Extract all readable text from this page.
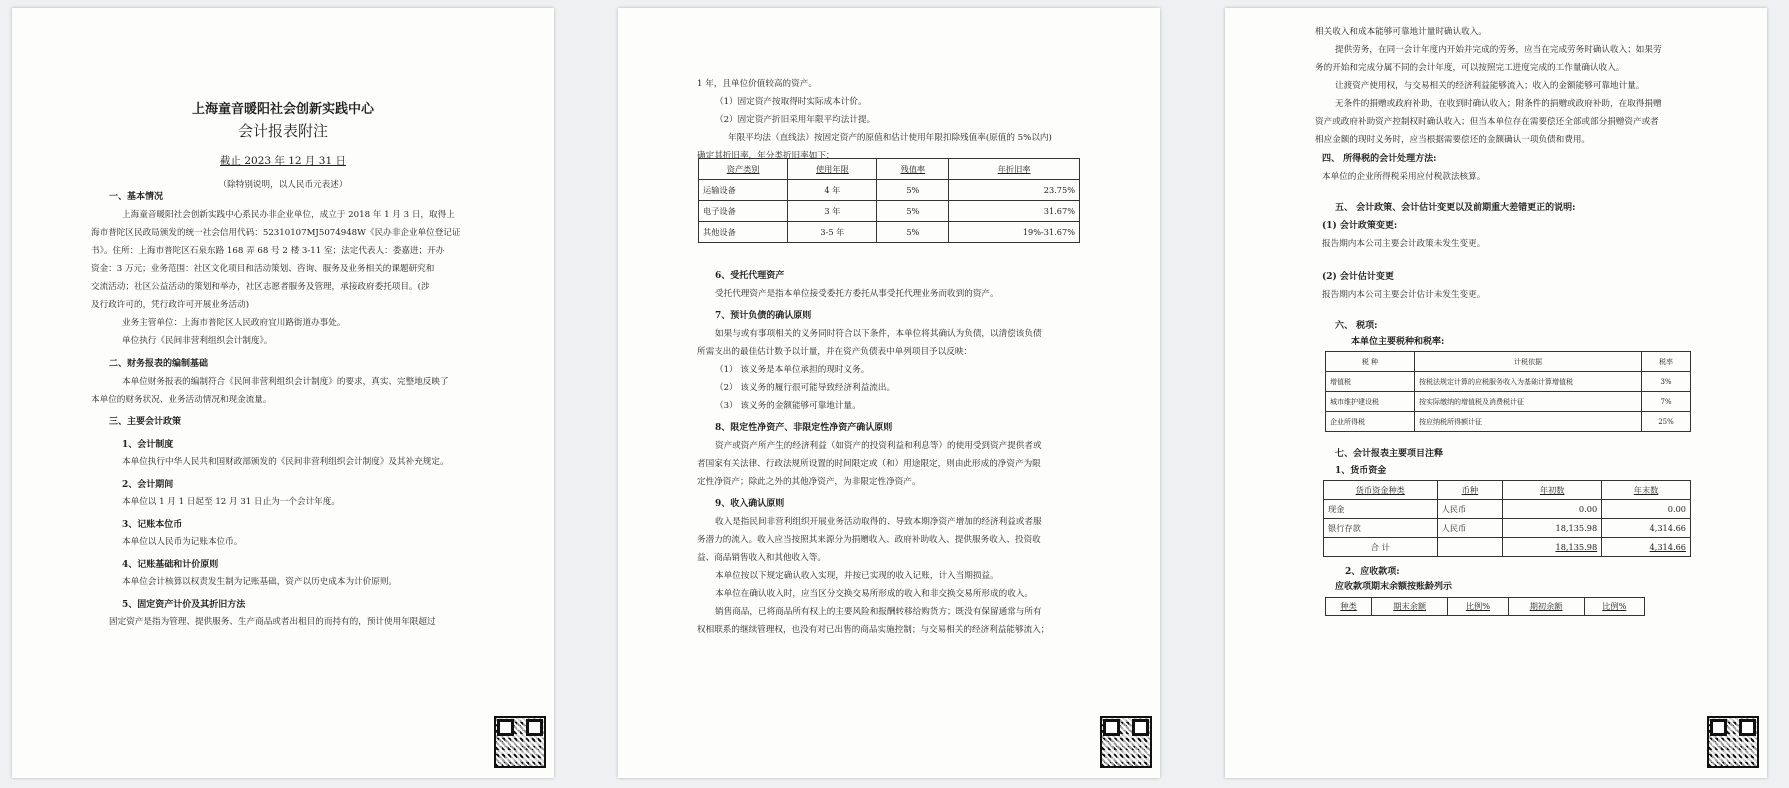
上海童音暖阳社会创新实践中心
会计报表附注
截止 2023 年 12 月 31 日
（除特别说明，以人民币元表述）
一、基本情况
上海童音暖阳社会创新实践中心系民办非企业单位，成立于 2018 年 1 月 3 日，取得上
海市普陀区民政局颁发的统一社会信用代码：52310107MJ5074948W《民办非企业单位登记证
书》。住所：上海市普陀区石泉东路 168 弄 68 号 2 楼 3-11 室；法定代表人：娄嘉进；开办
资金：3 万元；业务范围：社区文化项目和活动策划、咨询、服务及业务相关的课题研究和
交流活动；社区公益活动的策划和举办，社区志愿者服务及管理，承接政府委托项目。(涉
及行政许可的，凭行政许可开展业务活动)
业务主管单位：上海市普陀区人民政府宜川路街道办事处。
单位执行《民间非营利组织会计制度》。
二、财务报表的编制基础
本单位财务报表的编制符合《民间非营利组织会计制度》的要求，真实、完整地反映了
本单位的财务状况、业务活动情况和现金流量。
三、主要会计政策
1、会计制度
本单位执行中华人民共和国财政部颁发的《民间非营利组织会计制度》及其补充规定。
2、会计期间
本单位以 1 月 1 日起至 12 月 31 日止为一个会计年度。
3、记账本位币
本单位以人民币为记账本位币。
4、记账基础和计价原则
本单位会计核算以权责发生制为记账基础，资产以历史成本为计价原则。
5、固定资产计价及其折旧方法
固定资产是指为管理、提供服务、生产商品或者出租目的而持有的，预计使用年限超过
1 年，且单位价值较高的资产。
（1）固定资产按取得时实际成本计价。
（2）固定资产折旧采用年限平均法计提。
年限平均法（直线法）按固定资产的原值和估计使用年限扣除残值率(原值的 5%以内)
确定其折旧率，年分类折旧率如下：
资产类别	使用年限	残值率	年折旧率
运输设备	4 年	5%	23.75%
电子设备	3 年	5%	31.67%
其他设备	3-5 年	5%	19%-31.67%
6、受托代理资产
受托代理资产是指本单位接受委托方委托从事受托代理业务而收到的资产。
7、预计负债的确认原则
如果与或有事项相关的义务同时符合以下条件，本单位将其确认为负债，以清偿该负债
所需支出的最佳估计数予以计量，并在资产负债表中单列项目予以反映：
（1） 该义务是本单位承担的现时义务。
（2） 该义务的履行很可能导致经济利益流出。
（3） 该义务的金额能够可靠地计量。
8、限定性净资产、非限定性净资产确认原则
资产或资产所产生的经济利益（如资产的投资利益和利息等）的使用受到资产提供者或
者国家有关法律、行政法规所设置的时间限定或（和）用途限定，则由此形成的净资产为限
定性净资产；除此之外的其他净资产，为非限定性净资产。
9、收入确认原则
收入是指民间非营利组织开展业务活动取得的、导致本期净资产增加的经济利益或者服
务潜力的流入。收入应当按照其来源分为捐赠收入、政府补助收入、提供服务收入、投资收
益、商品销售收入和其他收入等。
本单位按以下规定确认收入实现，并按已实现的收入记账，计入当期损益。
本单位在确认收入时，应当区分交换交易所形成的收入和非交换交易所形成的收入。
销售商品，已将商品所有权上的主要风险和报酬转移给购货方；既没有保留通常与所有
权相联系的继续管理权，也没有对已出售的商品实施控制；与交易相关的经济利益能够流入；
相关收入和成本能够可靠地计量时确认收入。
提供劳务，在同一会计年度内开始并完成的劳务，应当在完成劳务时确认收入；如果劳
务的开始和完成分属不同的会计年度，可以按照完工进度完成的工作量确认收入。
让渡资产使用权，与交易相关的经济利益能够流入；收入的金额能够可靠地计量。
无条件的捐赠或政府补助，在收到时确认收入；附条件的捐赠或政府补助，在取得捐赠
资产或政府补助资产控制权时确认收入；但当本单位存在需要偿还全部或部分捐赠资产或者
相应金额的现时义务时，应当根据需要偿还的金额确认一项负债和费用。
四、 所得税的会计处理方法:
本单位的企业所得税采用应付税款法核算。
五、 会计政策、会计估计变更以及前期重大差错更正的说明:
(1) 会计政策变更:
报告期内本公司主要会计政策未发生变更。
(2) 会计估计变更
报告期内本公司主要会计估计未发生变更。
六、 税项:
本单位主要税种和税率:
税 种	计税依据	税率
增值税	按税法规定计算的应税服务收入为基础计算增值税	3%
城市维护建设税	按实际缴纳的增值税及消费税计征	7%
企业所得税	按应纳税所得额计征	25%
七、会计报表主要项目注释
1、货币资金
货币资金种类	币种	年初数	年末数
现金	人民币	0.00	0.00
银行存款	人民币	18,135.98	4,314.66
合 计		18,135.98	4,314.66
2、应收款项:
应收款项期末余额按账龄列示
种类	期末余额	比例%	期初余额	比例%
